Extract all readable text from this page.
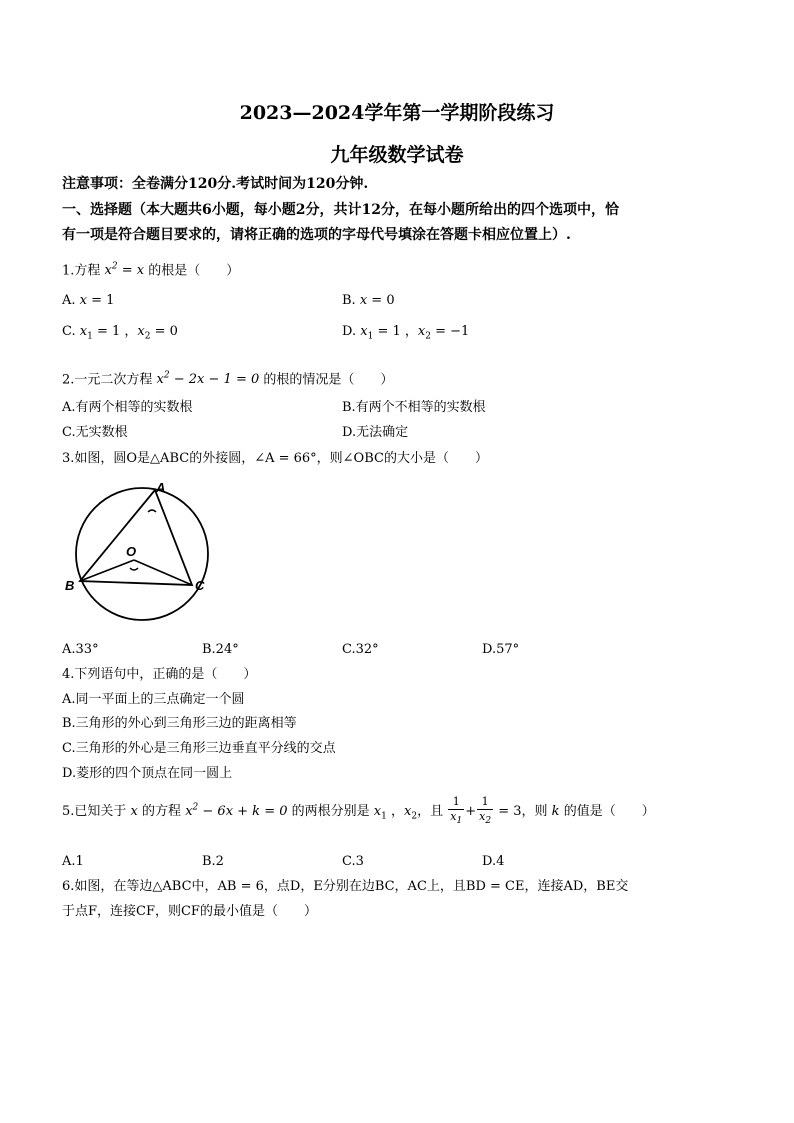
2023—2024学年第一学期阶段练习
九年级数学试卷
注意事项：全卷满分120分.考试时间为120分钟.
一、选择题（本大题共6小题，每小题2分，共计12分，在每小题所给出的四个选项中，恰
有一项是符合题目要求的，请将正确的选项的字母代号填涂在答题卡相应位置上）.
1.方程 $x^2 = x$ 的根是（　　）
A. x = 1	B. x = 0
C. $x_1 = 1$ ，$x_2 = 0$	D. $x_1 = 1$ ，$x_2 = -1$
2.一元二次方程 $x^2 - 2x - 1 = 0$ 的根的情况是（　　）
A.有两个相等的实数根	B.有两个不相等的实数根
C.无实数根	D.无法确定
3.如图，圆O是△ABC的外接圆，∠A = 66°，则∠OBC的大小是（　　）
A
B	C
O
A.33°	B.24°	C.32°	D.57°
4.下列语句中，正确的是（　　）
A.同一平面上的三点确定一个圆
B.三角形的外心到三角形三边的距离相等
C.三角形的外心是三角形三边垂直平分线的交点
D.菱形的四个顶点在同一圆上
5.已知关于 x 的方程 $x^2 - 6x + k = 0$ 的两根分别是 $x_1$ ，$x_2$，且 $\frac{1}{x_1} + \frac{1}{x_2} = 3$，则 k 的值是（　　）
A.1	B.2	C.3	D.4
6.如图，在等边△ABC中，AB = 6，点D，E分别在边BC，AC上，且BD = CE，连接AD，BE交
于点F，连接CF，则CF的最小值是（　　）
